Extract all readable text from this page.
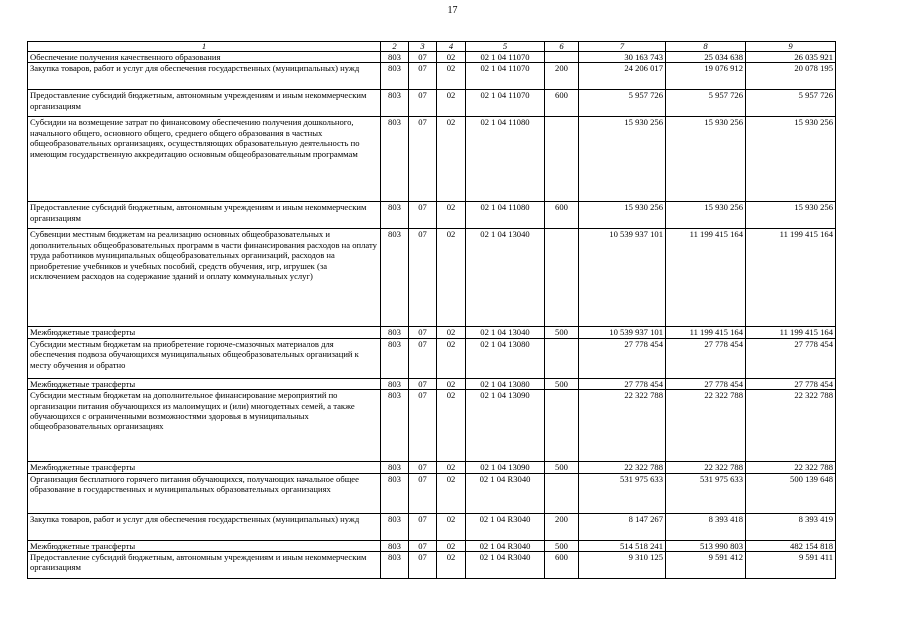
17
1	2	3	4	5	6	7	8	9
Обеспечение получения качественного образования	803	07	02	02 1 04 11070		30 163 743	25 034 638	26 035 921
Закупка товаров, работ и услуг для обеспечения государственных (муниципальных) нужд	803	07	02	02 1 04 11070	200	24 206 017	19 076 912	20 078 195
Предоставление субсидий бюджетным, автономным учреждениям и иным некоммерческим организациям	803	07	02	02 1 04 11070	600	5 957 726	5 957 726	5 957 726
Субсидии на возмещение затрат по финансовому обеспечению получения дошкольного, начального общего, основного общего, среднего общего образования в частных общеобразовательных организациях, осуществляющих образовательную деятельность по имеющим государственную аккредитацию основным общеобразовательным программам	803	07	02	02 1 04 11080		15 930 256	15 930 256	15 930 256
Предоставление субсидий бюджетным, автономным учреждениям и иным некоммерческим организациям	803	07	02	02 1 04 11080	600	15 930 256	15 930 256	15 930 256
Субвенции местным бюджетам на реализацию основных общеобразовательных и дополнительных общеобразовательных программ в части финансирования расходов на оплату труда работников муниципальных общеобразовательных организаций, расходов на приобретение учебников и учебных пособий, средств обучения, игр, игрушек (за исключением расходов на содержание зданий и оплату коммунальных услуг)	803	07	02	02 1 04 13040		10 539 937 101	11 199 415 164	11 199 415 164
Межбюджетные трансферты	803	07	02	02 1 04 13040	500	10 539 937 101	11 199 415 164	11 199 415 164
Субсидии местным бюджетам на приобретение горюче-смазочных материалов для обеспечения подвоза обучающихся муниципальных общеобразовательных организаций к месту обучения и обратно	803	07	02	02 1 04 13080		27 778 454	27 778 454	27 778 454
Межбюджетные трансферты	803	07	02	02 1 04 13080	500	27 778 454	27 778 454	27 778 454
Субсидии местным бюджетам на дополнительное финансирование мероприятий по организации питания обучающихся из малоимущих и (или) многодетных семей, а также обучающихся с ограниченными возможностями здоровья в муниципальных общеобразовательных организациях	803	07	02	02 1 04 13090		22 322 788	22 322 788	22 322 788
Межбюджетные трансферты	803	07	02	02 1 04 13090	500	22 322 788	22 322 788	22 322 788
Организация бесплатного горячего питания обучающихся, получающих начальное общее образование в государственных и муниципальных образовательных организациях	803	07	02	02 1 04 R3040		531 975 633	531 975 633	500 139 648
Закупка товаров, работ и услуг для обеспечения государственных (муниципальных) нужд	803	07	02	02 1 04 R3040	200	8 147 267	8 393 418	8 393 419
Межбюджетные трансферты	803	07	02	02 1 04 R3040	500	514 518 241	513 990 803	482 154 818
Предоставление субсидий бюджетным, автономным учреждениям и иным некоммерческим организациям	803	07	02	02 1 04 R3040	600	9 310 125	9 591 412	9 591 411
